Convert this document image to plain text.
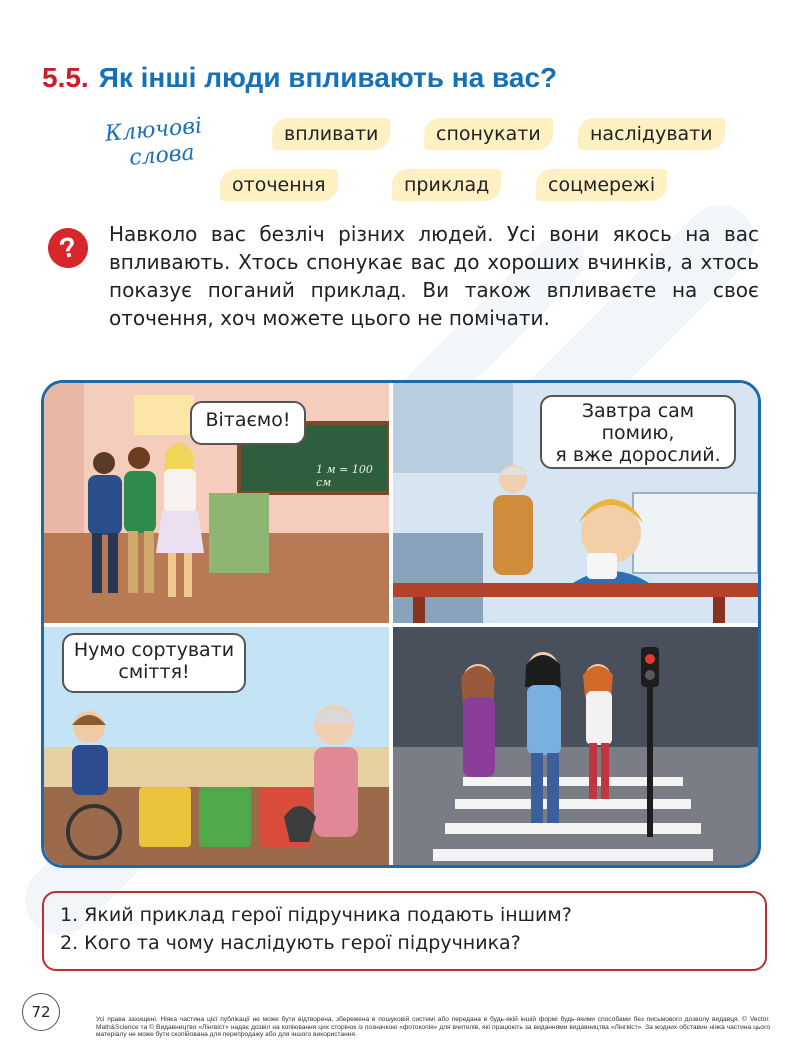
5.5. Як інші люди впливають на вас?
Ключові
слова
впливати	спонукати	наслідувати
оточення	приклад	соцмережі
?	Навколо вас безліч різних людей. Усі вони якось на вас впливають. Хтось спонукає вас до хороших вчинків, а хтось показує поганий приклад. Ви також впливаєте на своє оточення, хоч можете цього не помічати.

Вітаємо!
1 м = 100 см
Завтра сам
помию,
я вже дорослий.
Нумо сортувати
сміття!
1. Який приклад герої підручника подають іншим?
2. Кого та чому наслідують герої підручника?
72	Усі права захищені. Ніяка частина цієї публікації не може бути відтворена, збережена в пошуковій системі або передана в будь-якій іншій формі будь-якими способами без письмового дозволу видавця. © Vector. Math&Science та © Видавництво «Лінгвіст» надає дозвіл на копіювання цих сторінок із позначкою «фотокопія» для вчителів, які працюють за виданнями видавництва «Лінгвіст». За жодних обставин ніяка частина цього матеріалу не може бути скопійована для перепродажу або для іншого використання.
